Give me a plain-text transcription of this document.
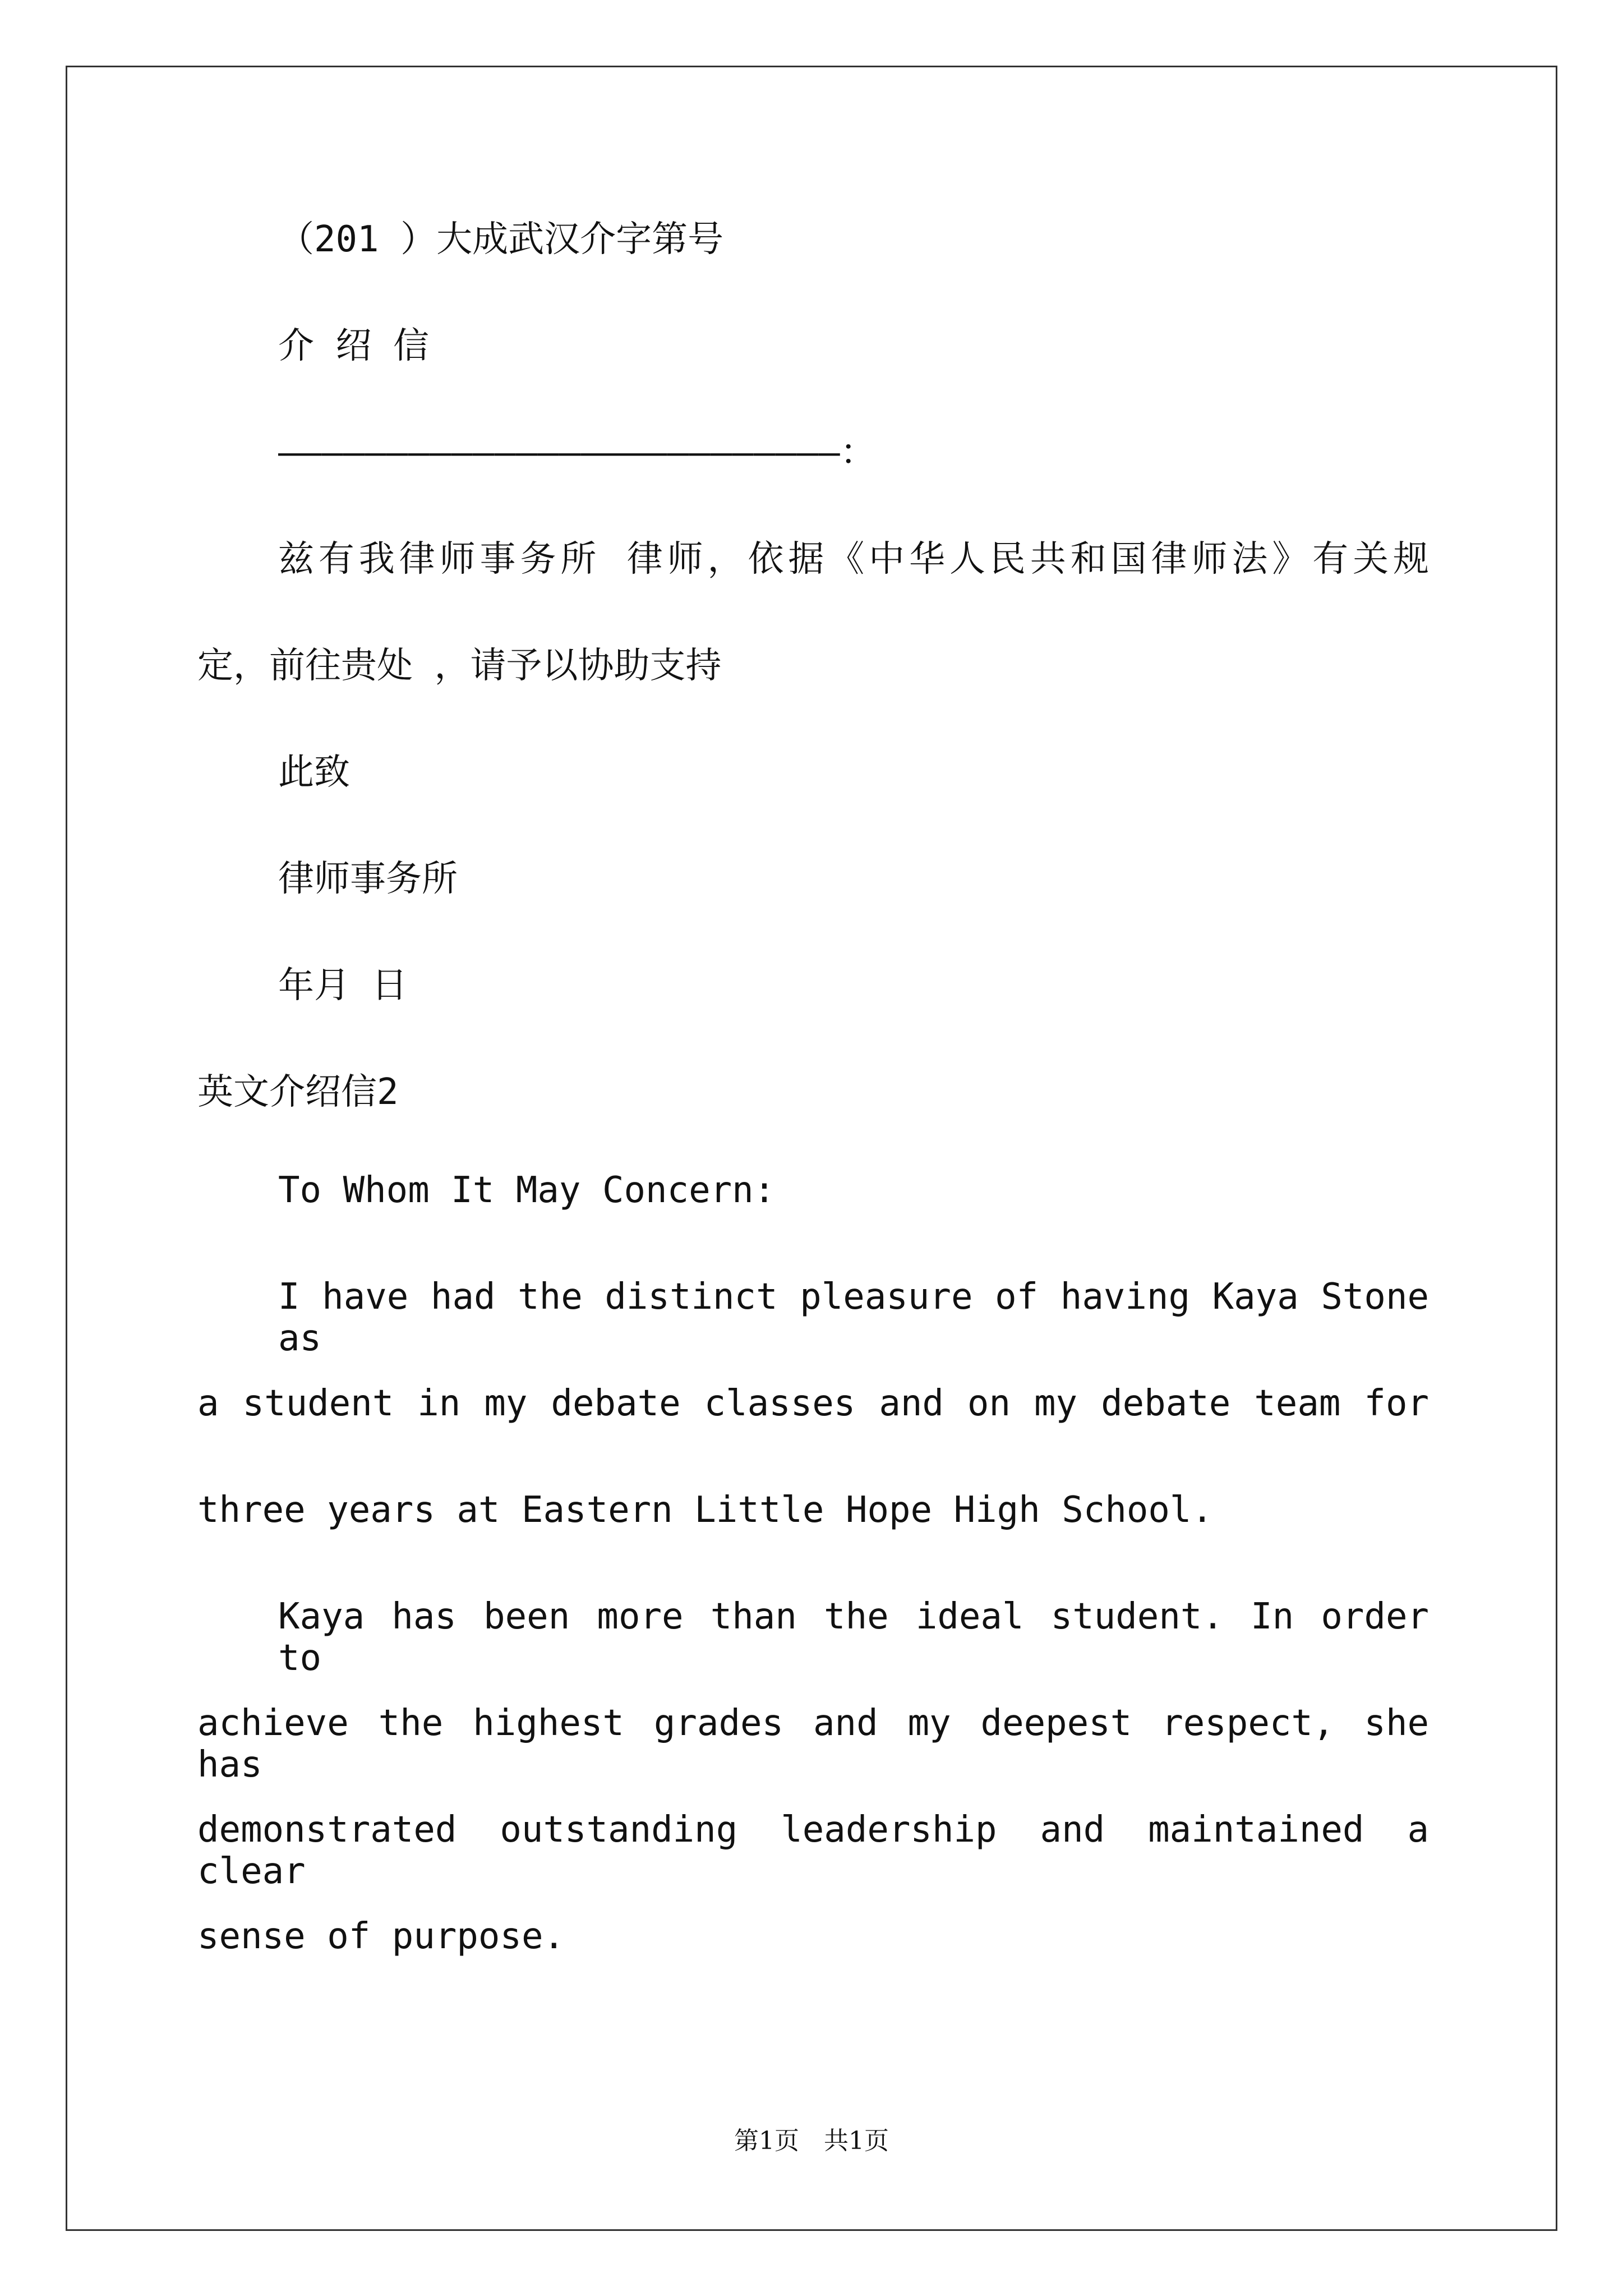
（201 ）大成武汉介字第号
介 绍 信
——————————————————————————：
兹有我律师事务所 律师，依据《中华人民共和国律师法》有关规
定，前往贵处 ，请予以协助支持
此致
律师事务所
年月 日
英文介绍信2
To Whom It May Concern:
I have had the distinct pleasure of having Kaya Stone as
a student in my debate classes and on my debate team for
three years at Eastern Little Hope High School.
Kaya has been more than the ideal student. In order to
achieve the highest grades and my deepest respect, she has
demonstrated outstanding leadership and maintained a clear
sense of purpose.
第1页　共1页
